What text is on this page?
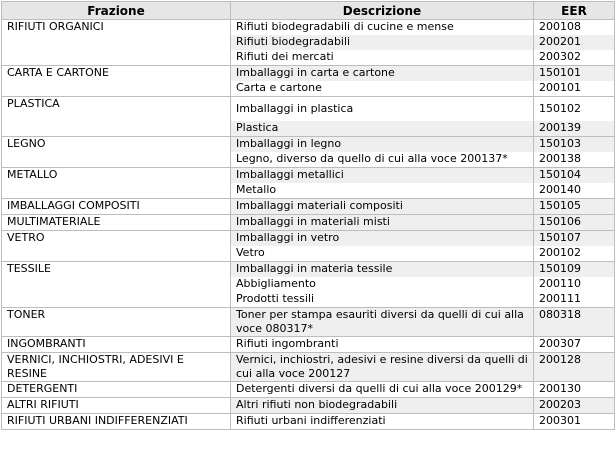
Frazione	Descrizione	EER
RIFIUTI ORGANICI	Rifiuti biodegradabili di cucine e mense	200108
	Rifiuti biodegradabili	200201
	Rifiuti dei mercati	200302
CARTA E CARTONE	Imballaggi in carta e cartone	150101
	Carta e cartone	200101
PLASTICA	Imballaggi in plastica	150102
	Plastica	200139
LEGNO	Imballaggi in legno	150103
	Legno, diverso da quello di cui alla voce 200137*	200138
METALLO	Imballaggi metallici	150104
	Metallo	200140
IMBALLAGGI COMPOSITI	Imballaggi materiali compositi	150105
MULTIMATERIALE	Imballaggi in materiali misti	150106
VETRO	Imballaggi in vetro	150107
	Vetro	200102
TESSILE	Imballaggi in materia tessile	150109
	Abbigliamento	200110
	Prodotti tessili	200111
TONER	Toner per stampa esauriti diversi da quelli di cui alla voce 080317*	080318
INGOMBRANTI	Rifiuti ingombranti	200307
VERNICI, INCHIOSTRI, ADESIVI E RESINE	Vernici, inchiostri, adesivi e resine diversi da quelli di cui alla voce 200127	200128
DETERGENTI	Detergenti diversi da quelli di cui alla voce 200129*	200130
ALTRI RIFIUTI	Altri rifiuti non biodegradabili	200203
RIFIUTI URBANI INDIFFERENZIATI	Rifiuti urbani indifferenziati	200301
